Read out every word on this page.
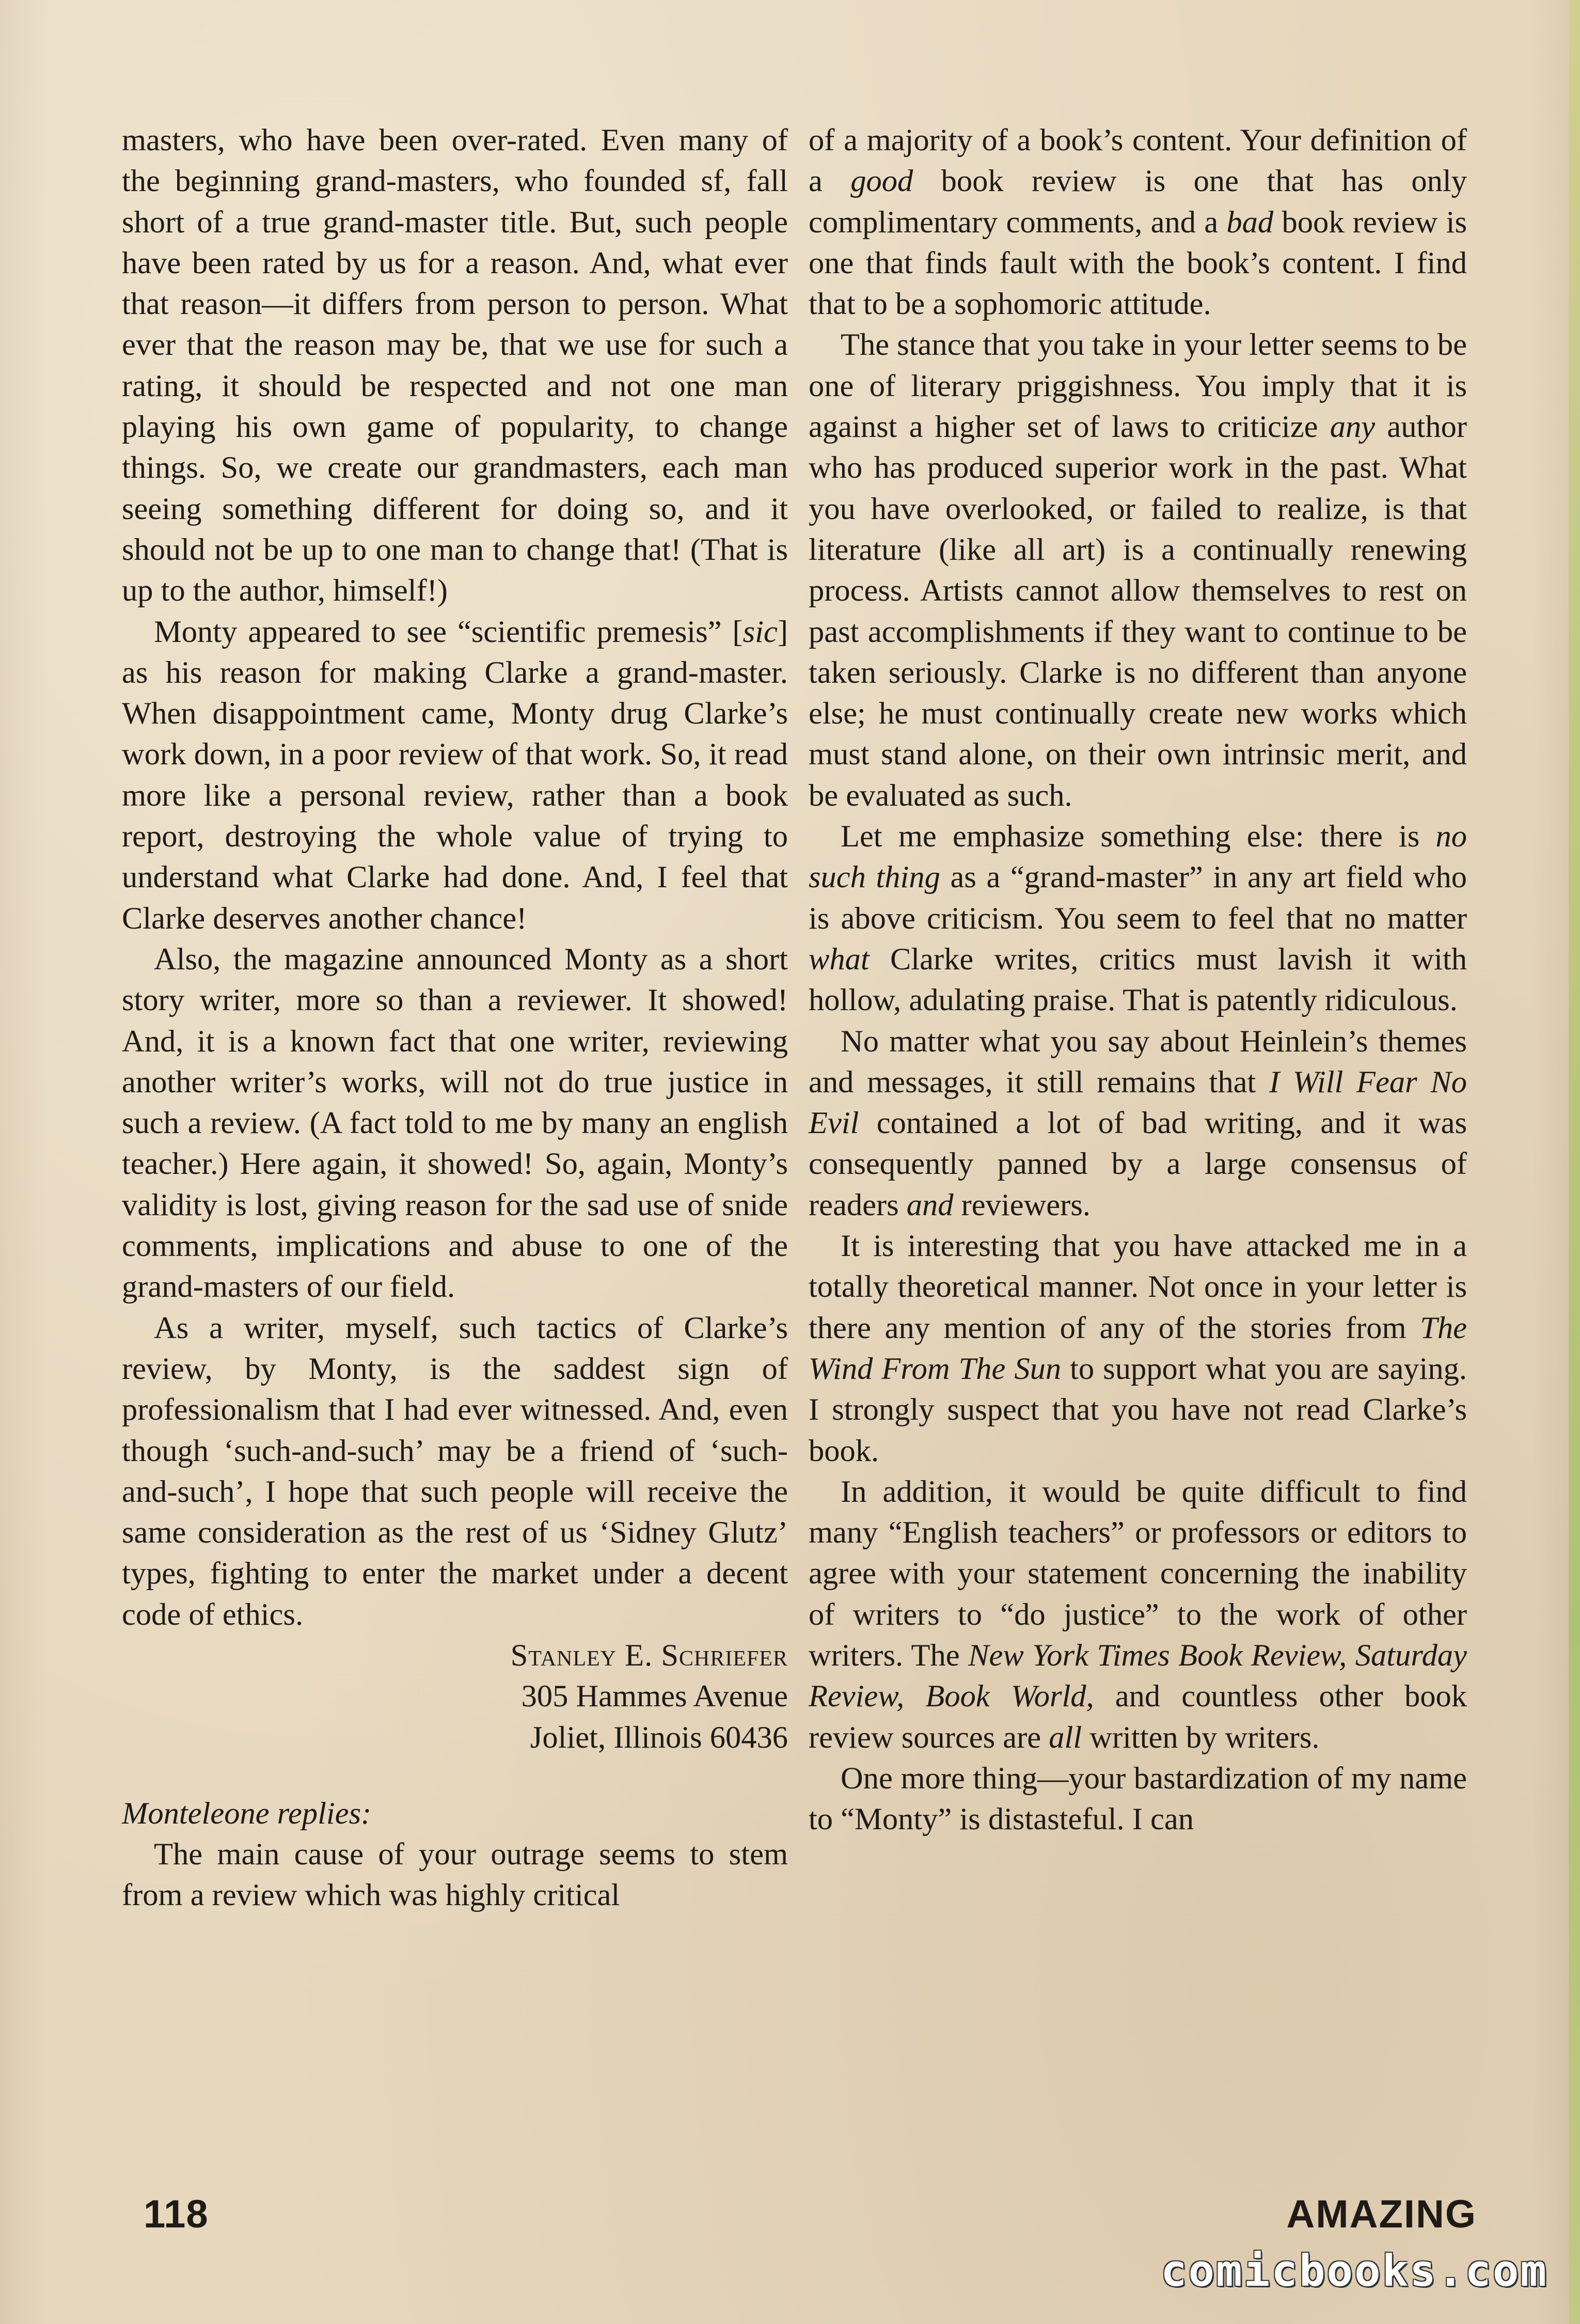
masters, who have been over-rated. Even many of the beginning grand-masters, who founded sf, fall short of a true grand-master title. But, such people have been rated by us for a reason. And, what ever that reason—it differs from person to person. What ever that the reason may be, that we use for such a rating, it should be respected and not one man playing his own game of popularity, to change things. So, we create our grandmasters, each man seeing something different for doing so, and it should not be up to one man to change that! (That is up to the author, himself!)

Monty appeared to see “scientific premesis” [sic] as his reason for making Clarke a grand-master. When disappointment came, Monty drug Clarke’s work down, in a poor review of that work. So, it read more like a personal review, rather than a book report, destroying the whole value of trying to understand what Clarke had done. And, I feel that Clarke deserves another chance!

Also, the magazine announced Monty as a short story writer, more so than a reviewer. It showed! And, it is a known fact that one writer, reviewing another writer’s works, will not do true justice in such a review. (A fact told to me by many an english teacher.) Here again, it showed! So, again, Monty’s validity is lost, giving reason for the sad use of snide comments, implications and abuse to one of the grand-masters of our field.

As a writer, myself, such tactics of Clarke’s review, by Monty, is the saddest sign of professionalism that I had ever witnessed. And, even though ‘such-and-such’ may be a friend of ‘such-and-such’, I hope that such people will receive the same consideration as the rest of us ‘Sidney Glutz’ types, fighting to enter the market under a decent code of ethics.

Stanley E. Schriefer
305 Hammes Avenue
Joliet, Illinois 60436

Monteleone replies:

The main cause of your outrage seems to stem from a review which was highly critical

of a majority of a book’s content. Your definition of a good book review is one that has only complimentary comments, and a bad book review is one that finds fault with the book’s content. I find that to be a sophomoric attitude.

The stance that you take in your letter seems to be one of literary priggishness. You imply that it is against a higher set of laws to criticize any author who has produced superior work in the past. What you have overlooked, or failed to realize, is that literature (like all art) is a continually renewing process. Artists cannot allow themselves to rest on past accomplishments if they want to continue to be taken seriously. Clarke is no different than anyone else; he must continually create new works which must stand alone, on their own intrinsic merit, and be evaluated as such.

Let me emphasize something else: there is no such thing as a “grand-master” in any art field who is above criticism. You seem to feel that no matter what Clarke writes, critics must lavish it with hollow, adulating praise. That is patently ridiculous.

No matter what you say about Heinlein’s themes and messages, it still remains that I Will Fear No Evil contained a lot of bad writing, and it was consequently panned by a large consensus of readers and reviewers.

It is interesting that you have attacked me in a totally theoretical manner. Not once in your letter is there any mention of any of the stories from The Wind From The Sun to support what you are saying. I strongly suspect that you have not read Clarke’s book.

In addition, it would be quite difficult to find many “English teachers” or professors or editors to agree with your statement concerning the inability of writers to “do justice” to the work of other writers. The New York Times Book Review, Saturday Review, Book World, and countless other book review sources are all written by writers.

One more thing—your bastardization of my name to “Monty” is distasteful. I can

118	AMAZING
comicbooks.com
